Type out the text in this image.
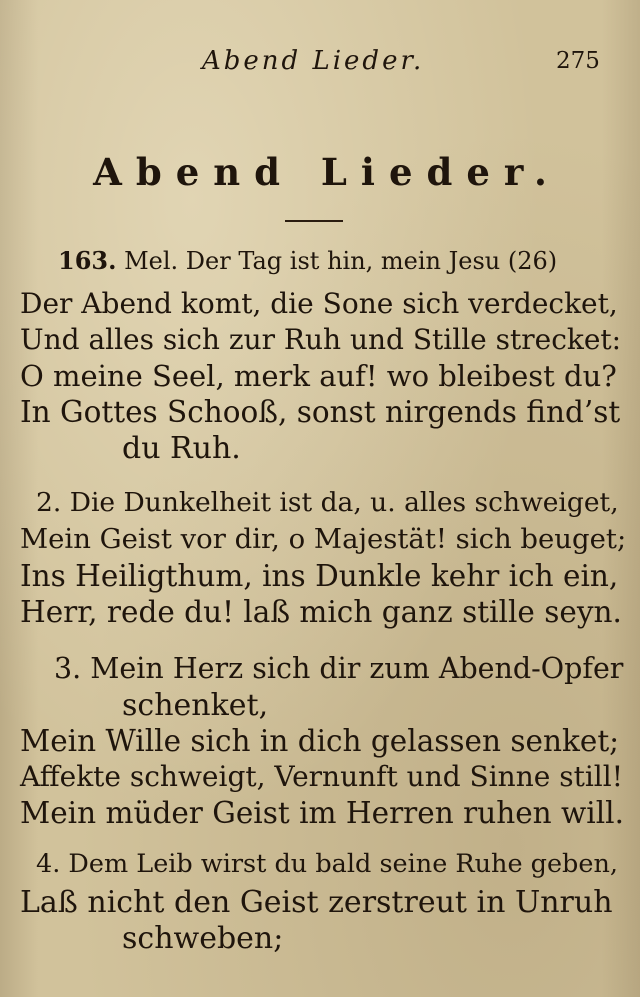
Abend Lieder.	275
Abend Lieder.
163. Mel. Der Tag ist hin, mein Jesu (26)
Der Abend komt, die Sone sich verdecket,
Und alles sich zur Ruh und Stille strecket:
O meine Seel, merk auf! wo bleibest du?
In Gottes Schooß, sonst nirgends find’st
du Ruh.
2. Die Dunkelheit ist da, u. alles schweiget,
Mein Geist vor dir, o Majestät! sich beuget;
Ins Heiligthum, ins Dunkle kehr ich ein,
Herr, rede du! laß mich ganz stille seyn.
3. Mein Herz sich dir zum Abend-Opfer
schenket,
Mein Wille sich in dich gelassen senket;
Affekte schweigt, Vernunft und Sinne still!
Mein müder Geist im Herren ruhen will.
4. Dem Leib wirst du bald seine Ruhe geben,
Laß nicht den Geist zerstreut in Unruh
schweben;
